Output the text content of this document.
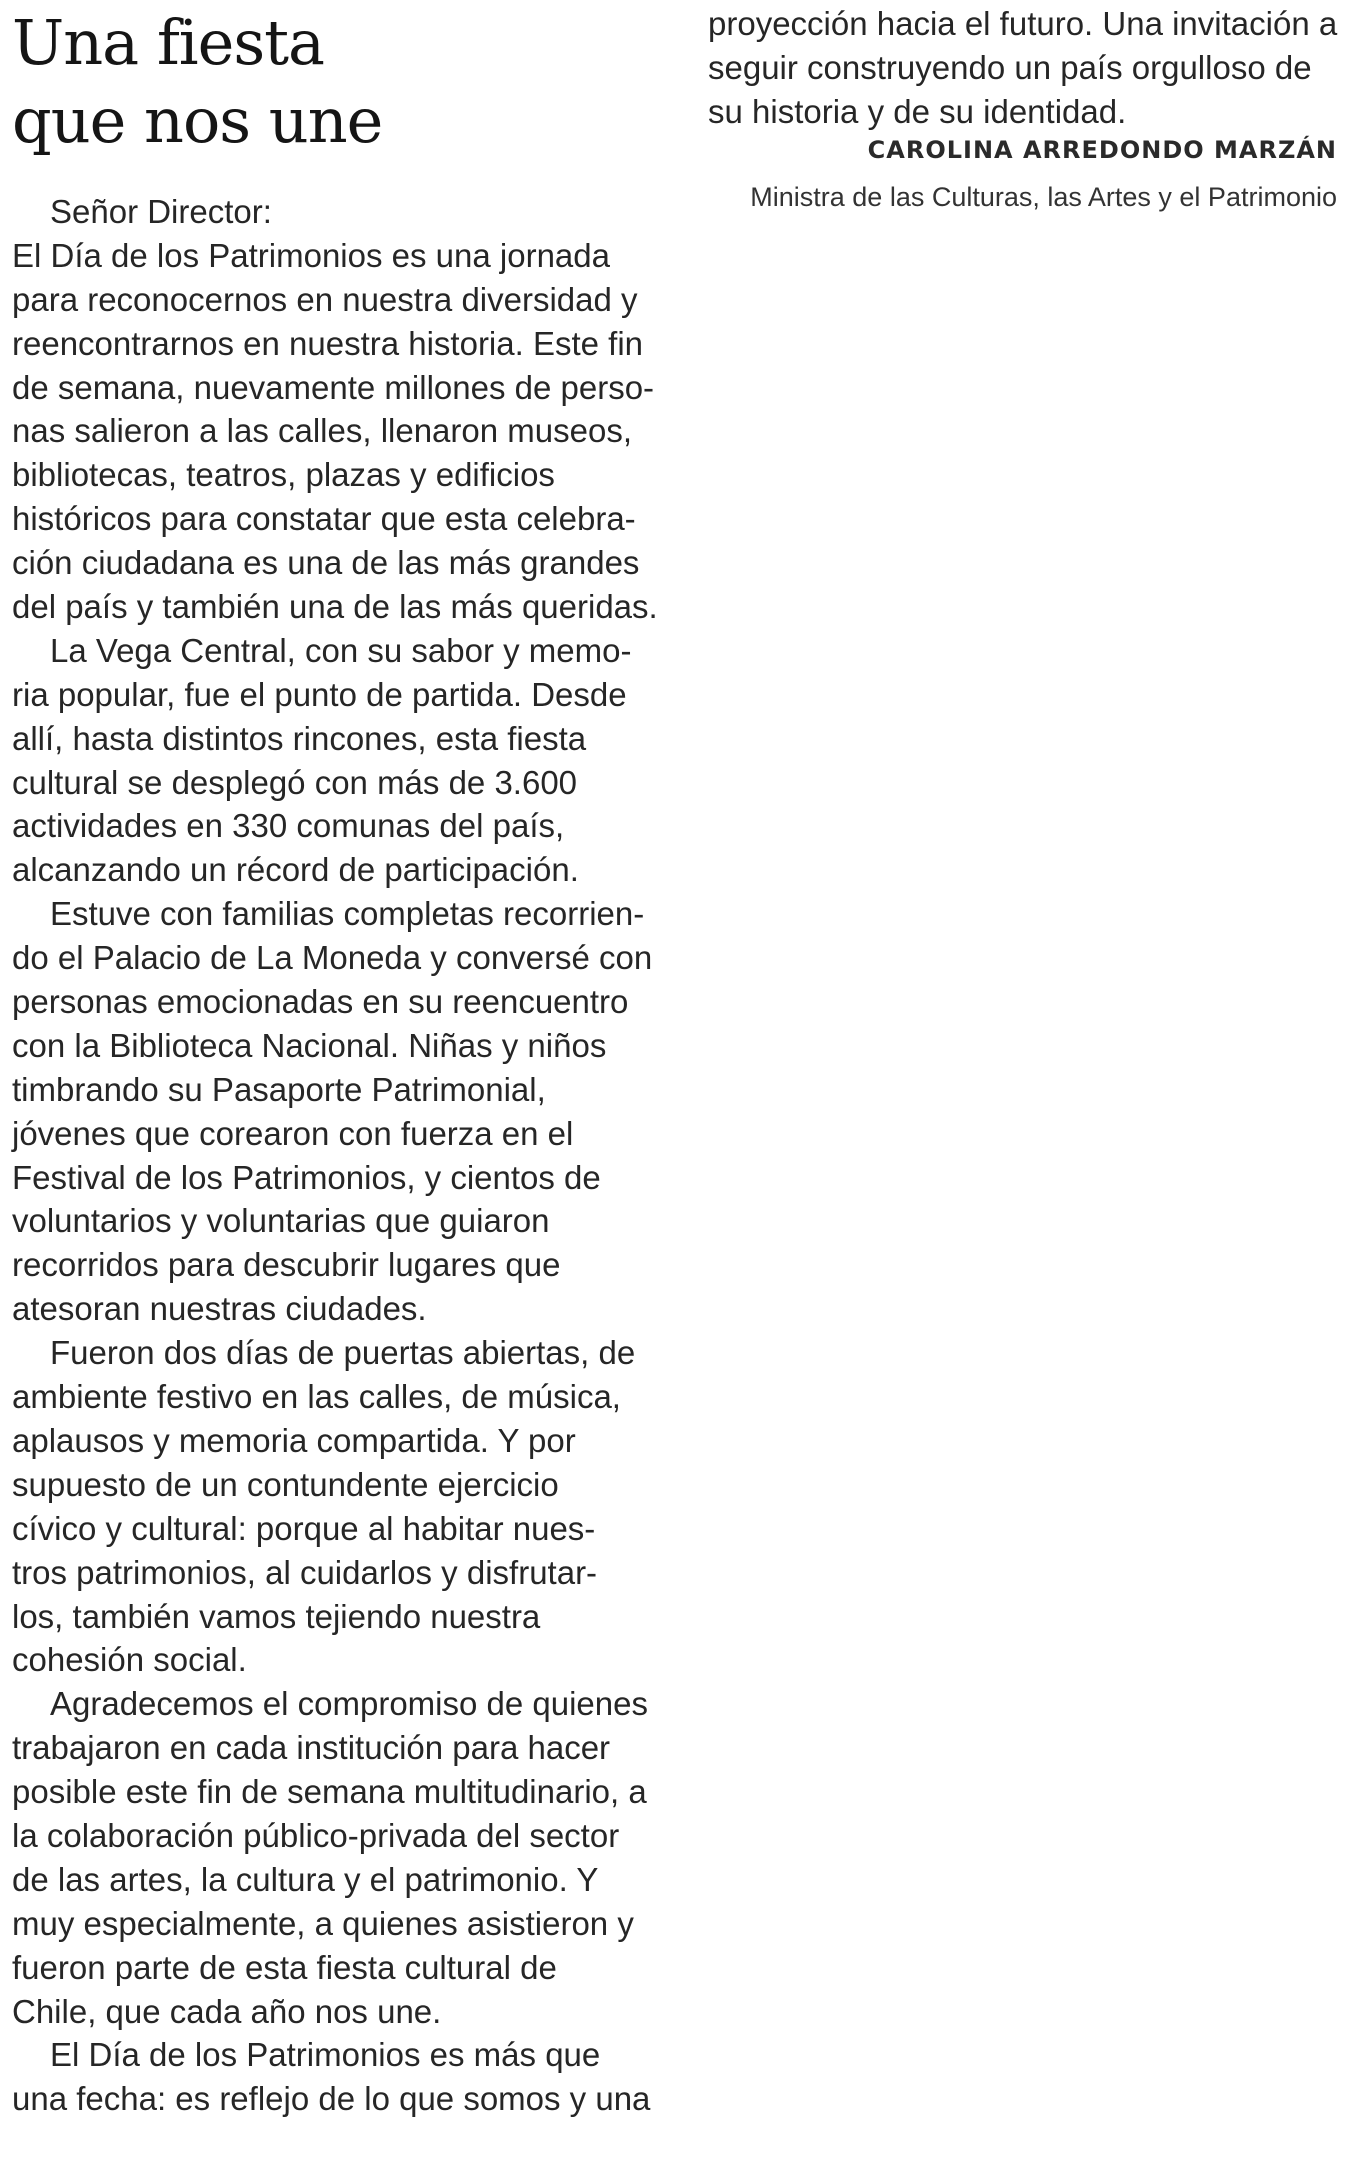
Una fiesta
que nos une
Señor Director:
El Día de los Patrimonios es una jornada
para reconocernos en nuestra diversidad y
reencontrarnos en nuestra historia. Este fin
de semana, nuevamente millones de perso-
nas salieron a las calles, llenaron museos,
bibliotecas, teatros, plazas y edificios
históricos para constatar que esta celebra-
ción ciudadana es una de las más grandes
del país y también una de las más queridas.
La Vega Central, con su sabor y memo-
ria popular, fue el punto de partida. Desde
allí, hasta distintos rincones, esta fiesta
cultural se desplegó con más de 3.600
actividades en 330 comunas del país,
alcanzando un récord de participación.
Estuve con familias completas recorrien-
do el Palacio de La Moneda y conversé con
personas emocionadas en su reencuentro
con la Biblioteca Nacional. Niñas y niños
timbrando su Pasaporte Patrimonial,
jóvenes que corearon con fuerza en el
Festival de los Patrimonios, y cientos de
voluntarios y voluntarias que guiaron
recorridos para descubrir lugares que
atesoran nuestras ciudades.
Fueron dos días de puertas abiertas, de
ambiente festivo en las calles, de música,
aplausos y memoria compartida. Y por
supuesto de un contundente ejercicio
cívico y cultural: porque al habitar nues-
tros patrimonios, al cuidarlos y disfrutar-
los, también vamos tejiendo nuestra
cohesión social.
Agradecemos el compromiso de quienes
trabajaron en cada institución para hacer
posible este fin de semana multitudinario, a
la colaboración público-privada del sector
de las artes, la cultura y el patrimonio. Y
muy especialmente, a quienes asistieron y
fueron parte de esta fiesta cultural de
Chile, que cada año nos une.
El Día de los Patrimonios es más que
una fecha: es reflejo de lo que somos y una
proyección hacia el futuro. Una invitación a
seguir construyendo un país orgulloso de
su historia y de su identidad.
CAROLINA ARREDONDO MARZÁN
Ministra de las Culturas, las Artes y el Patrimonio
